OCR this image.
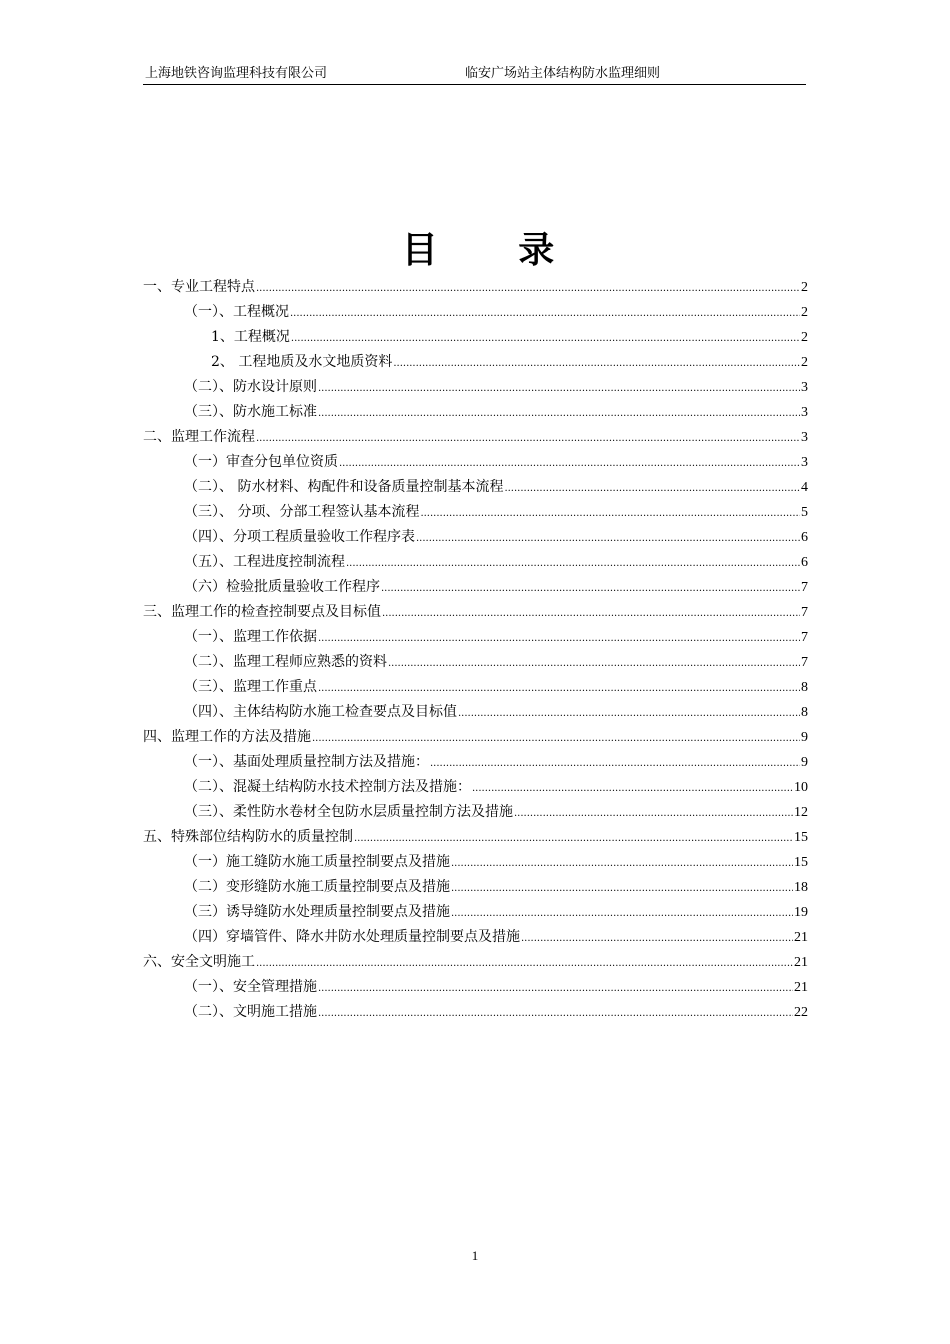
上海地铁咨询监理科技有限公司	临安广场站主体结构防水监理细则
目 录
一、专业工程特点 .....	2
（一）、工程概况 .....	2
1、工程概况 .....	2
2、 工程地质及水文地质资料 .....	2
（二）、防水设计原则 .....	3
（三）、防水施工标准 .....	3
二、监理工作流程 .....	3
（一）审查分包单位资质 .....	3
（二）、 防水材料、构配件和设备质量控制基本流程 .....	4
（三）、 分项、分部工程签认基本流程 .....	5
（四）、分项工程质量验收工作程序表 .....	6
（五）、工程进度控制流程 .....	6
（六）检验批质量验收工作程序 .....	7
三、监理工作的检查控制要点及目标值 .....	7
（一）、监理工作依据 .....	7
（二）、监理工程师应熟悉的资料 .....	7
（三）、监理工作重点 .....	8
（四）、主体结构防水施工检查要点及目标值 .....	8
四、监理工作的方法及措施 .....	9
（一）、基面处理质量控制方法及措施： .....	9
（二）、混凝土结构防水技术控制方法及措施： .....	10
（三）、柔性防水卷材全包防水层质量控制方法及措施 .....	12
五、特殊部位结构防水的质量控制 .....	15
（一）施工缝防水施工质量控制要点及措施 .....	15
（二）变形缝防水施工质量控制要点及措施 .....	18
（三）诱导缝防水处理质量控制要点及措施 .....	19
（四）穿墙管件、降水井防水处理质量控制要点及措施 .....	21
六、安全文明施工 .....	21
（一）、安全管理措施 .....	21
（二）、文明施工措施 .....	22
1
